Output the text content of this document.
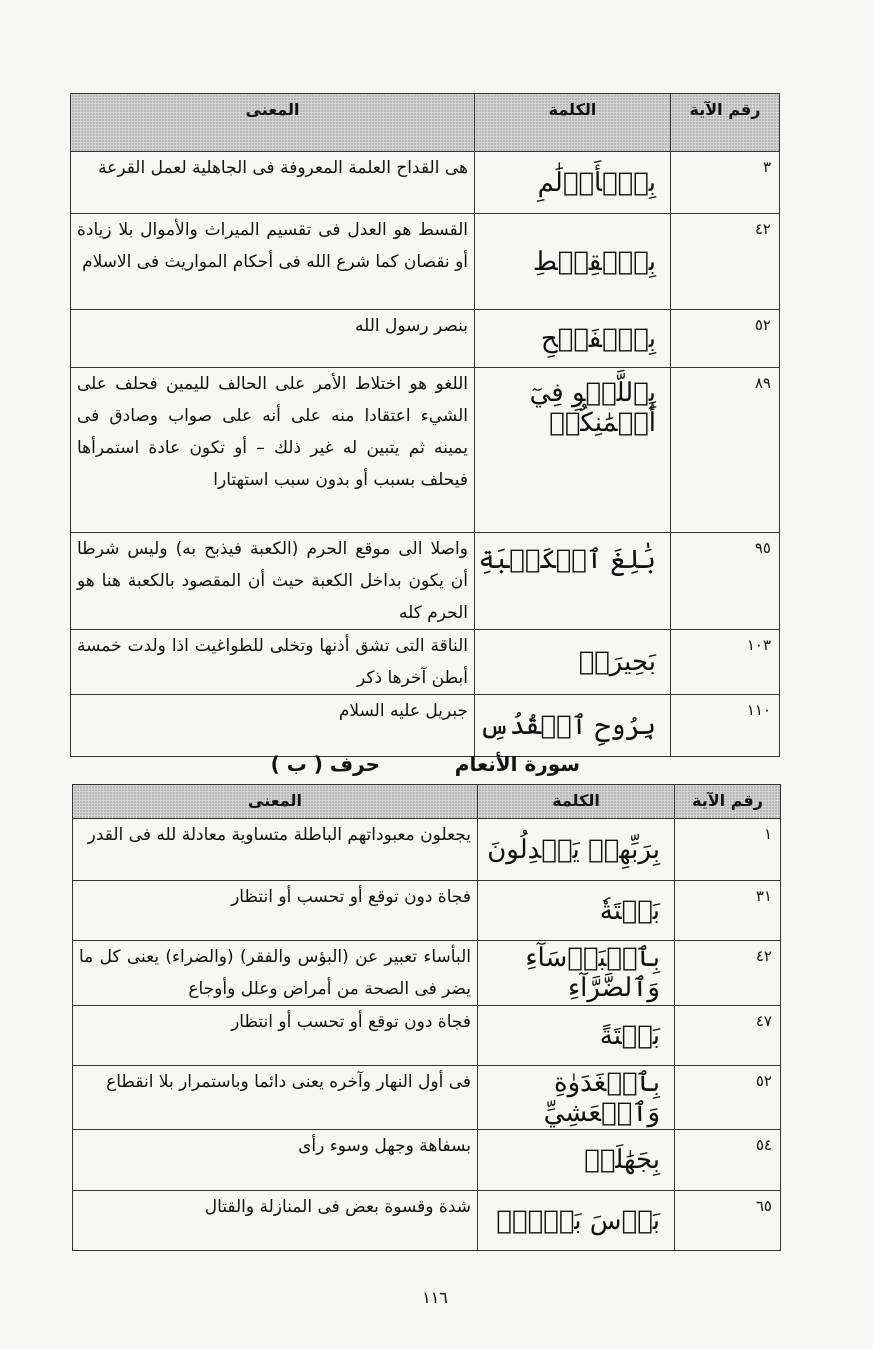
رقم الآية	الكلمة	المعنى
٣	بِٱلۡأَزۡلَٰمِ	هى القداح العلمة المعروفة فى الجاهلية لعمل القرعة
٤٢	بِٱلۡقِسۡطِ	القسط هو العدل فى تقسيم الميراث والأموال بلا زيادة أو نقصان كما شرع الله فى أحكام المواريث فى الاسلام
٥٢	بِٱلۡفَتۡحِ	بنصر رسول الله
٨٩	بِٱللَّغۡوِ فِيٓ أَيۡمَٰنِكُمۡ	اللغو هو اختلاط الأمر على الحالف لليمين فحلف على الشيء اعتقادا منه على أنه على صواب وصادق فى يمينه ثم يتبين له غير ذلك – أو تكون عادة استمرأها فيحلف بسبب أو بدون سبب استهتارا
٩٥	بَٰلِغَ ٱلۡكَعۡبَةِ	واصلا الى موقع الحرم (الكعبة فيذبح به) وليس شرطا أن يكون بداخل الكعبة حيث أن المقصود بالكعبة هنا هو الحرم كله
١٠٣	بَحِيرَةٖ	الناقة التى تشق أذنها وتخلى للطواغيت اذا ولدت خمسة أبطن آخرها ذكر
١١٠	بِرُوحِ ٱلۡقُدُسِ	جبريل عليه السلام
سورة الأنعام
حرف ( ب )
رقم الآية	الكلمة	المعنى
١	بِرَبِّهِمۡ يَعۡدِلُونَ	يجعلون معبوداتهم الباطلة متساوية معادلة لله فى القدر
٣١	بَغۡتَةٗ	فجاة دون توقع أو تحسب أو انتظار
٤٢	بِٱلۡبَأۡسَآءِ وَٱلضَّرَّآءِ	البأساء تعبير عن (البؤس والفقر) (والضراء) يعنى كل ما يضر فى الصحة من أمراض وعلل وأوجاع
٤٧	بَغۡتَةً	فجاة دون توقع أو تحسب أو انتظار
٥٢	بِٱلۡغَدَوٰةِ وَٱلۡعَشِيِّ	فى أول النهار وآخره يعنى دائما وباستمرار بلا انقطاع
٥٤	بِجَهَٰلَةٖ	بسفاهة وجهل وسوء رأى
٦٥	بَأۡسَ بَعۡضٍۗ	شدة وقسوة بعض فى المنازلة والقتال
١١٦
